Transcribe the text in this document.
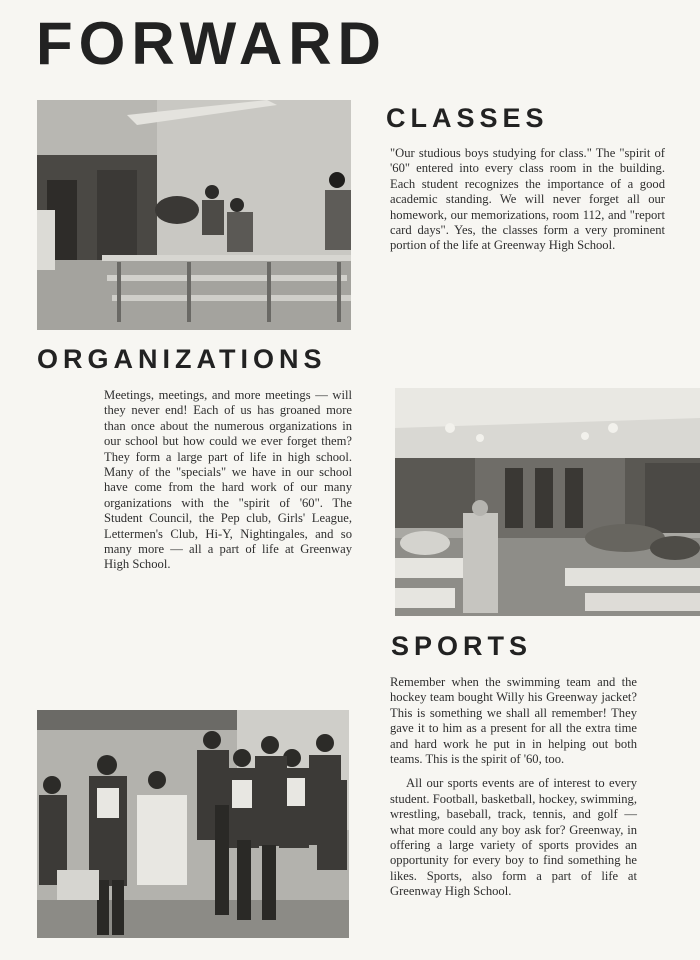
FORWARD
CLASSES

"Our studious boys studying for class." The "spirit of '60" entered into every class room in the building. Each student recognizes the importance of a good academic standing. We will never forget all our homework, our memorizations, room 112, and "report card days". Yes, the classes form a very prominent portion of the life at Greenway High School.

ORGANIZATIONS

Meetings, meetings, and more meetings — will they never end! Each of us has groaned more than once about the numerous organizations in our school but how could we ever forget them? They form a large part of life in high school. Many of the "specials" we have in our school have come from the hard work of our many organizations with the "spirit of '60". The Student Council, the Pep club, Girls' League, Lettermen's Club, Hi-Y, Nightingales, and so many more — all a part of life at Greenway High School.

SPORTS

Remember when the swimming team and the hockey team bought Willy his Greenway jacket? This is something we shall all remember! They gave it to him as a present for all the extra time and hard work he put in in helping out both teams. This is the spirit of '60, too.

All our sports events are of interest to every student. Football, basketball, hockey, swimming, wrestling, baseball, track, tennis, and golf — what more could any boy ask for? Greenway, in offering a large variety of sports provides an opportunity for every boy to find something he likes. Sports, also form a part of life at Greenway High School.
